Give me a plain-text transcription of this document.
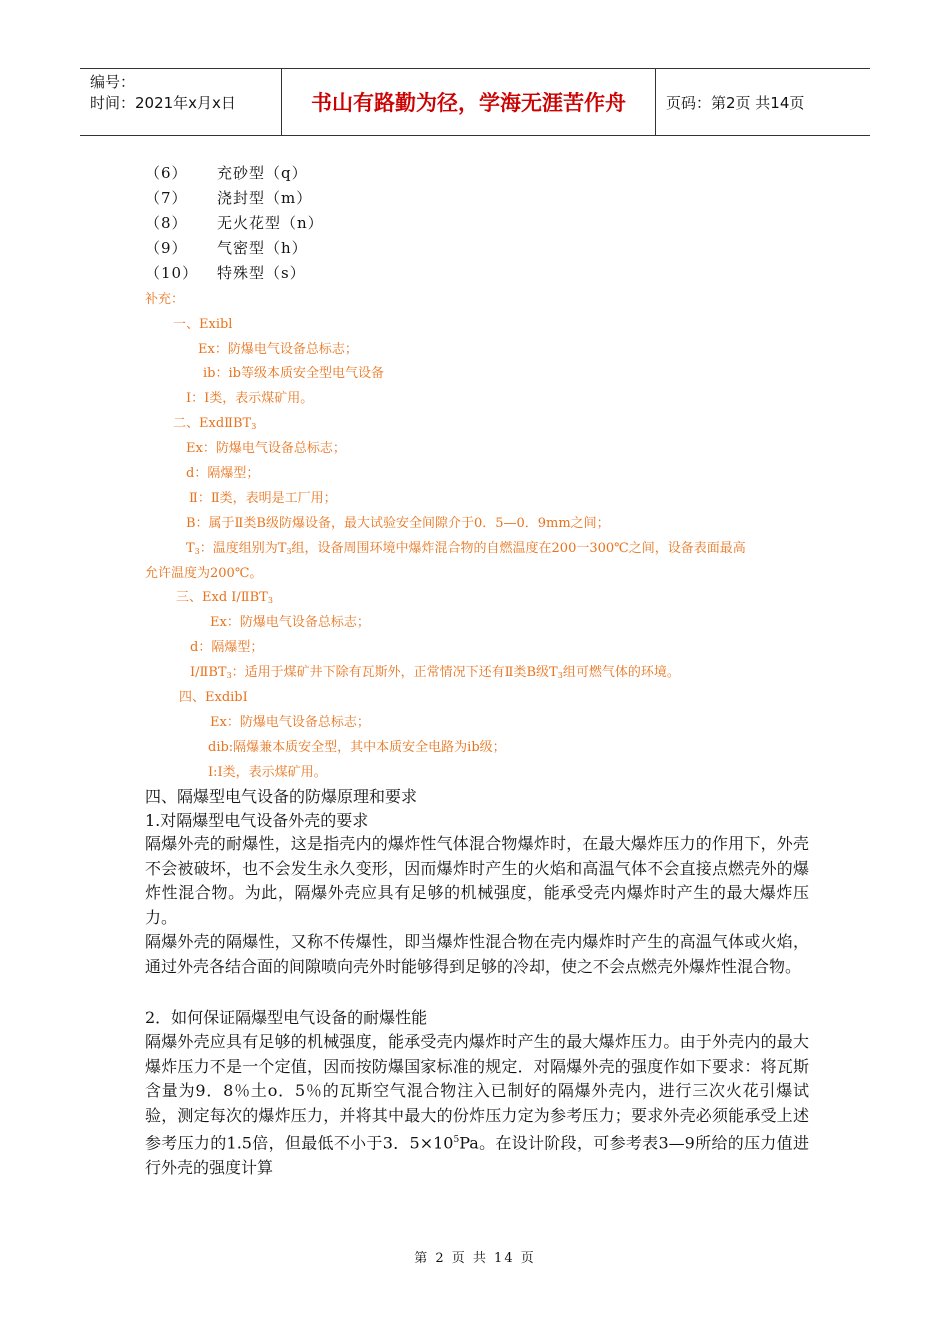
编号：
时间：2021年x月x日	书山有路勤为径，学海无涯苦作舟	页码：第2页 共14页
（6） 充砂型（q）
（7） 浇封型（m）
（8） 无火花型（n）
（9） 气密型（h）
（10） 特殊型（s）
补充：
一、Exibl
Ex：防爆电气设备总标志；
ib：ib等级本质安全型电气设备
I：I类，表示煤矿用。
二、$ExdⅡBT_3$
Ex：防爆电气设备总标志；
d：隔爆型；
Ⅱ：Ⅱ类，表明是工厂用；
B：属于Ⅱ类B级防爆设备，最大试验安全间隙介于0．5—0．9mm之间；
$T_3$：温度组别为$T_3$组，设备周围环境中爆炸混合物的自燃温度在200一300℃之间，设备表面最高
允许温度为200℃。
三、Exd $I/ⅡBT_3$
Ex：防爆电气设备总标志；
d：隔爆型；
$I/ⅡBT_3$：适用于煤矿井下除有瓦斯外，正常情况下还有Ⅱ类B级$T_3$组可燃气体的环境。
四、ExdibI
Ex：防爆电气设备总标志；
dib:隔爆兼本质安全型，其中本质安全电路为ib级；
I:I类，表示煤矿用。
四、隔爆型电气设备的防爆原理和要求
1.对隔爆型电气设备外壳的要求
隔爆外壳的耐爆性，这是指壳内的爆炸性气体混合物爆炸时，在最大爆炸压力的作用下，外壳不会被破坏，也不会发生永久变形，因而爆炸时产生的火焰和高温气体不会直接点燃壳外的爆炸性混合物。为此，隔爆外壳应具有足够的机械强度，能承受壳内爆炸时产生的最大爆炸压力。
隔爆外壳的隔爆性，又称不传爆性，即当爆炸性混合物在壳内爆炸时产生的高温气体或火焰，通过外壳各结合面的间隙喷向壳外时能够得到足够的冷却，使之不会点燃壳外爆炸性混合物。
2．如何保证隔爆型电气设备的耐爆性能
隔爆外壳应具有足够的机械强度，能承受壳内爆炸时产生的最大爆炸压力。由于外壳内的最大爆炸压力不是一个定值，因而按防爆国家标准的规定．对隔爆外壳的强度作如下要求：将瓦斯含量为9．8％土o．5％的瓦斯空气混合物注入已制好的隔爆外壳内，进行三次火花引爆试验，测定每次的爆炸压力，并将其中最大的份炸压力定为参考压力；要求外壳必须能承受上述参考压力的1.5倍，但最低不小于3．$5\times 10^5Pa$。在设计阶段，可参考表3—9所给的压力值进行外壳的强度计算
第 2 页 共 14 页
